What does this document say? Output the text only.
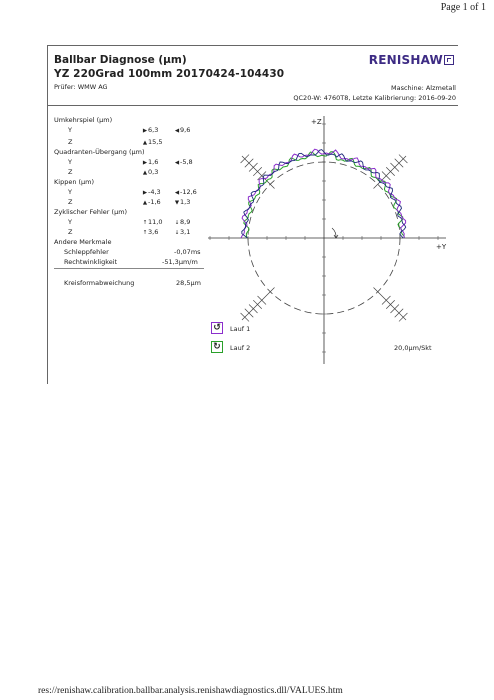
Page 1 of 1
Ballbar Diagnose (µm)
YZ 220Grad 100mm 20170424-104430
Prüfer: WMW AG
RENISHAW
Maschine: Alzmetall
QC20-W: 4760T8, Letzte Kalibrierung: 2016-09-20
Umkehrspiel (µm)
Y	▶6,3	◀9,6
Z	▲15,5
Quadranten-Übergang (µm)
Y	▶1,6	◀-5,8
Z	▲0,3
Kippen (µm)
Y	▶-4,3	◀-12,6
Z	▲-1,6	▼1,3
Zyklischer Fehler (µm)
Y	↑11,0 ↓8,9
Z	↑3,6	↓3,1
Andere Merkmale
Schleppfehler	-0,07ms
Rechtwinkligkeit	-51,3µm/m
Kreisformabweichung	28,5µm
+Z
+Y
↺ Lauf 1
↻ Lauf 2	20,0µm/Skt
res://renishaw.calibration.ballbar.analysis.renishawdiagnostics.dll/VALUES.htm
